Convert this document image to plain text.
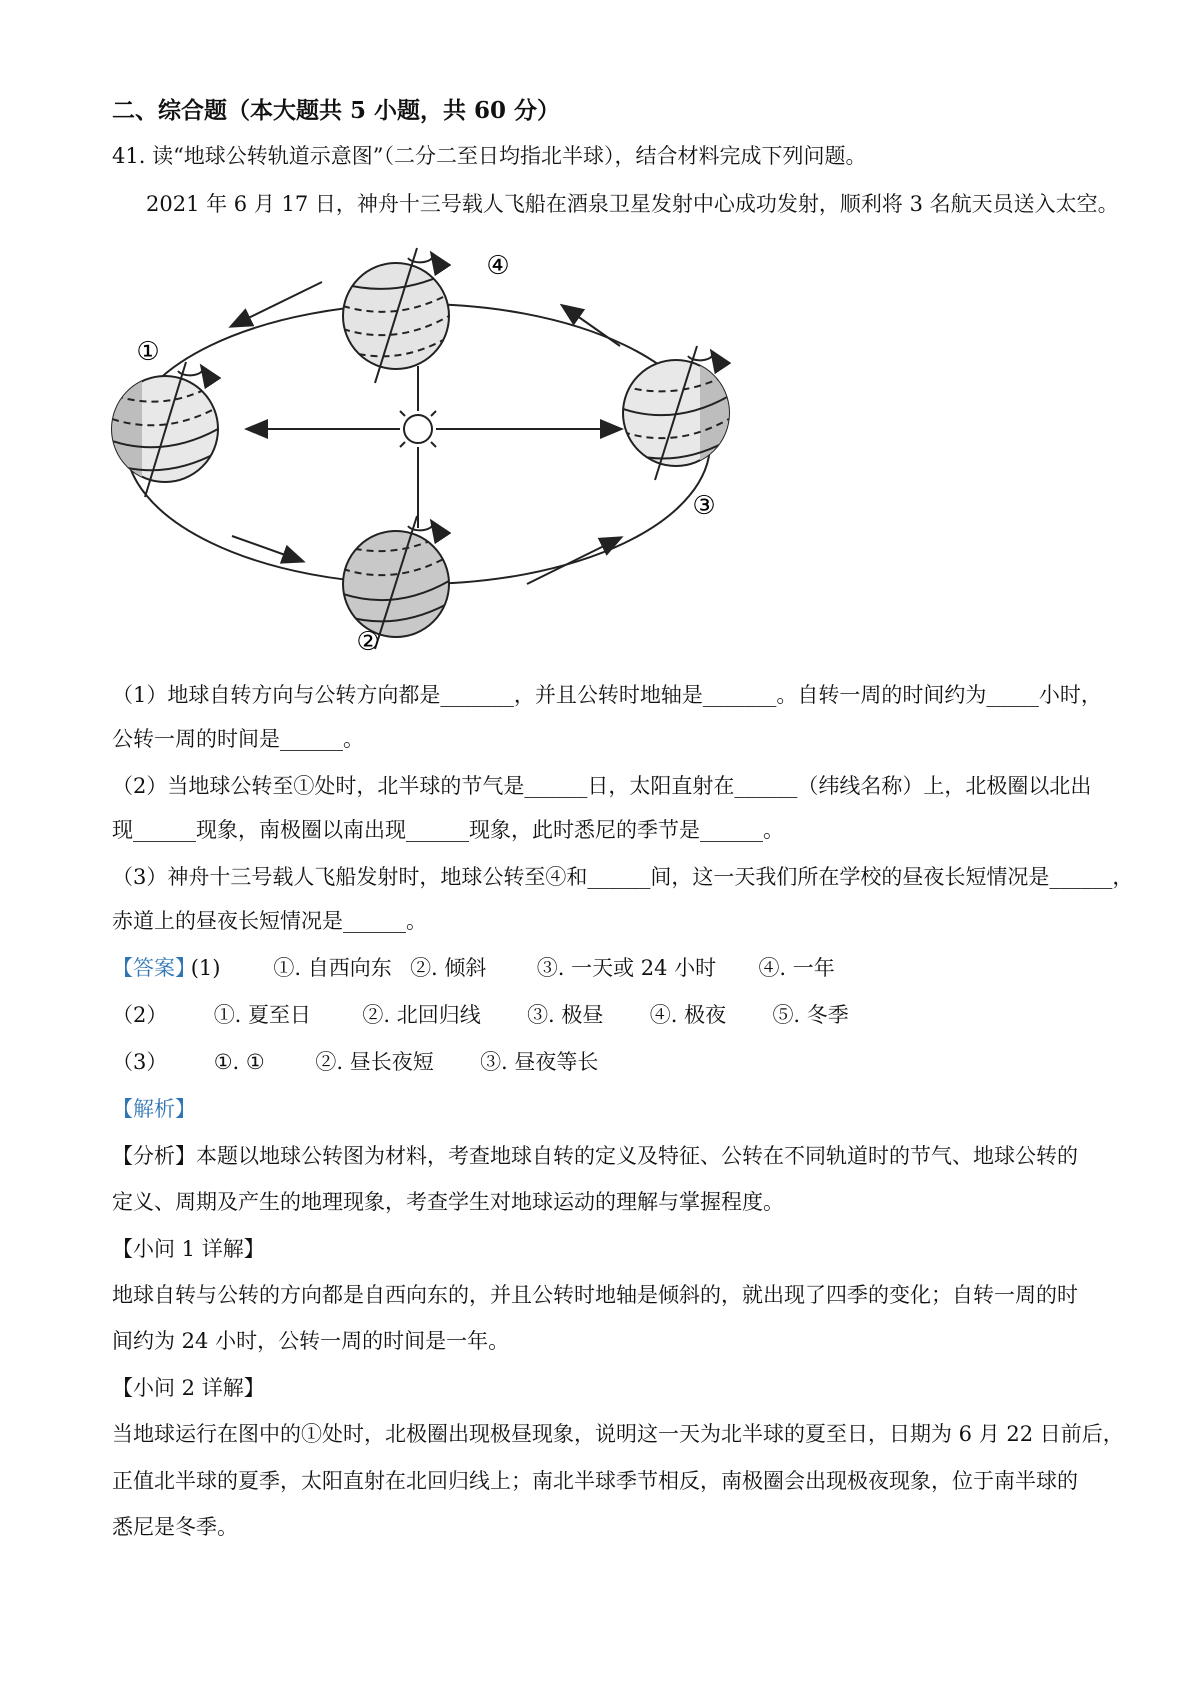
二、综合题（本大题共 5 小题，共 60 分）
41. 读“地球公转轨道示意图”（二分二至日均指北半球），结合材料完成下列问题。
2021 年 6 月 17 日，神舟十三号载人飞船在酒泉卫星发射中心成功发射，顺利将 3 名航天员送入太空。
①
②
③
④
（1）地球自转方向与公转方向都是_______，并且公转时地轴是_______。自转一周的时间约为_____小时，
公转一周的时间是______。
（2）当地球公转至①处时，北半球的节气是______日，太阳直射在______（纬线名称）上，北极圈以北出
现______现象，南极圈以南出现______现象，此时悉尼的季节是______。
（3）神舟十三号载人飞船发射时，地球公转至④和______间，这一天我们所在学校的昼夜长短情况是______，
赤道上的昼夜长短情况是______。
【答案】 (1)	①. 自西向东 ②. 倾斜 ③. 一天或 24 小时 ④. 一年
（2） ①. 夏至日 ②. 北回归线 ③. 极昼 ④. 极夜 ⑤. 冬季
（3） ①. ① ②. 昼长夜短 ③. 昼夜等长
【解析】
【分析】本题以地球公转图为材料，考查地球自转的定义及特征、公转在不同轨道时的节气、地球公转的
定义、周期及产生的地理现象，考查学生对地球运动的理解与掌握程度。
【小问 1 详解】
地球自转与公转的方向都是自西向东的，并且公转时地轴是倾斜的，就出现了四季的变化；自转一周的时
间约为 24 小时，公转一周的时间是一年。
【小问 2 详解】
当地球运行在图中的①处时，北极圈出现极昼现象，说明这一天为北半球的夏至日，日期为 6 月 22 日前后，
正值北半球的夏季，太阳直射在北回归线上；南北半球季节相反，南极圈会出现极夜现象，位于南半球的
悉尼是冬季。
